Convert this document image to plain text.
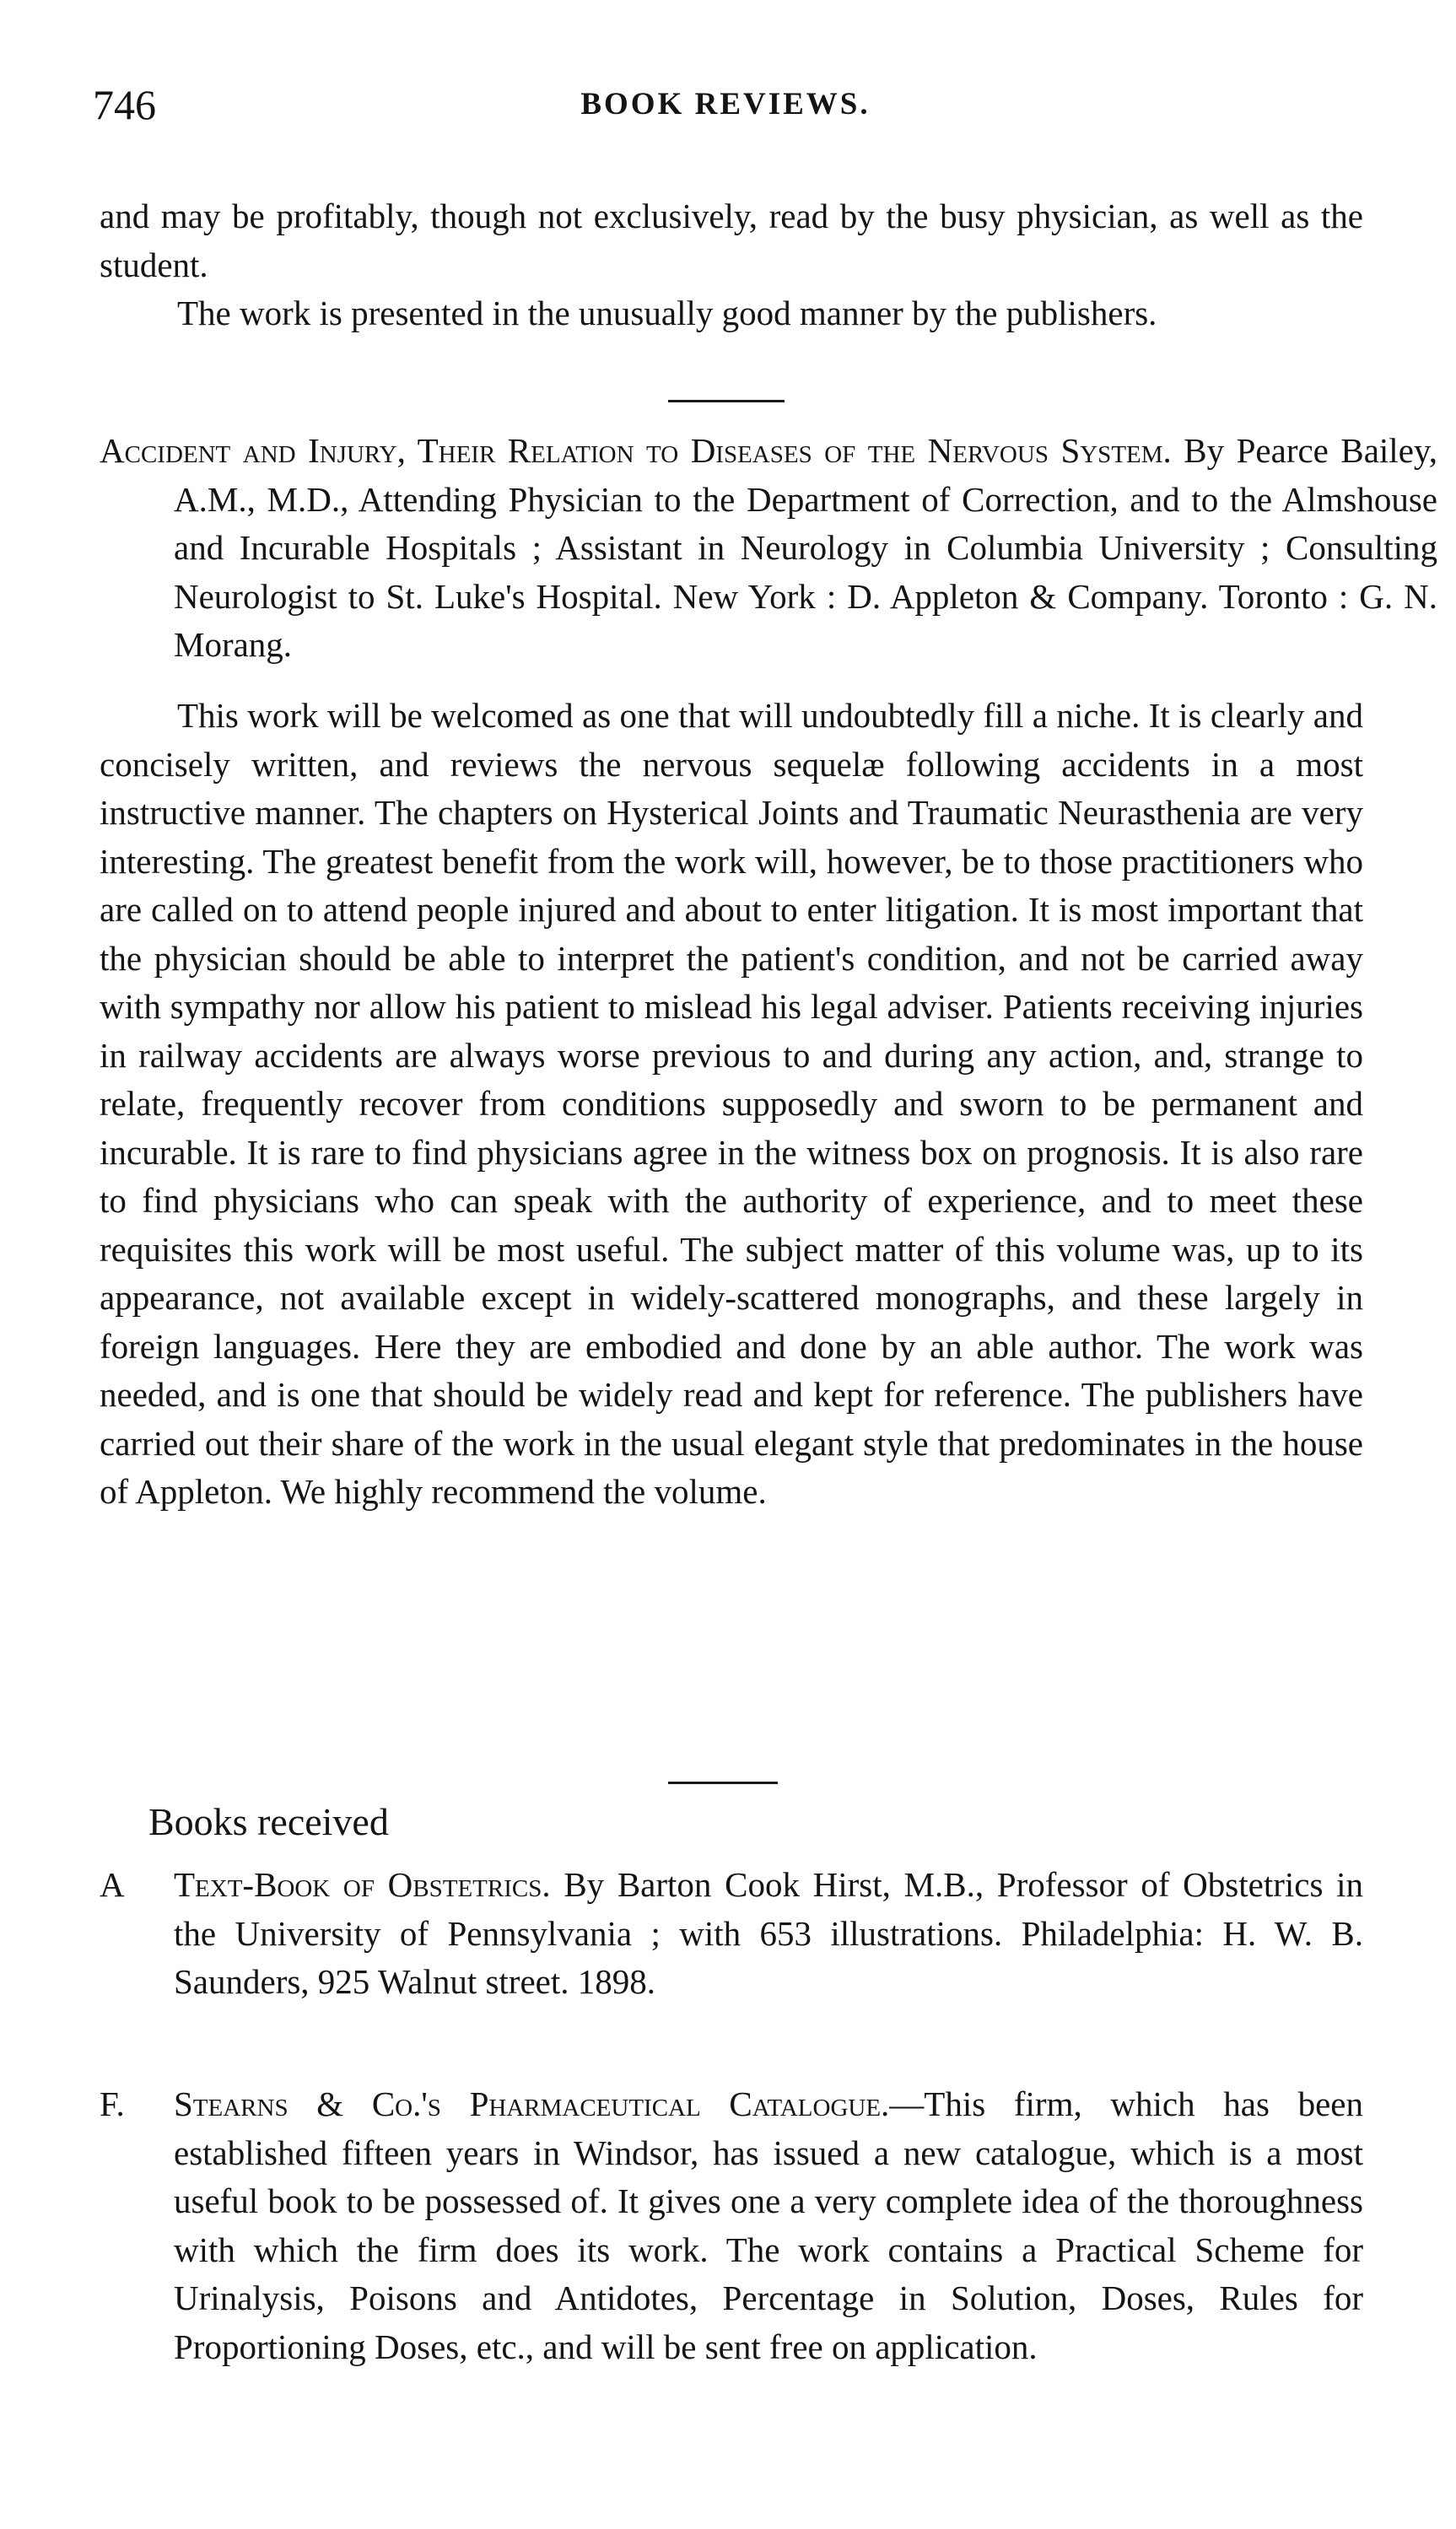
746	BOOK REVIEWS.

and may be profitably, though not exclusively, read by the busy physician, as well as the student.

The work is presented in the unusually good manner by the publishers.

Accident and Injury, Their Relation to Diseases of the Nervous System. By Pearce Bailey, A.M., M.D., Attending Physician to the Department of Correction, and to the Almshouse and Incurable Hospitals ; Assistant in Neurology in Columbia University ; Consulting Neurologist to St. Luke's Hospital. New York : D. Appleton & Company. Toronto : G. N. Morang.

This work will be welcomed as one that will undoubtedly fill a niche. It is clearly and concisely written, and reviews the nervous sequelæ following accidents in a most instructive manner. The chapters on Hysterical Joints and Traumatic Neurasthenia are very interesting. The greatest benefit from the work will, however, be to those practitioners who are called on to attend people injured and about to enter litigation. It is most important that the physician should be able to interpret the patient's condition, and not be carried away with sympathy nor allow his patient to mislead his legal adviser. Patients receiving injuries in railway accidents are always worse previous to and during any action, and, strange to relate, frequently recover from conditions supposedly and sworn to be permanent and incurable. It is rare to find physicians agree in the witness box on prognosis. It is also rare to find physicians who can speak with the authority of experience, and to meet these requisites this work will be most useful. The subject matter of this volume was, up to its appearance, not available except in widely-scattered monographs, and these largely in foreign languages. Here they are embodied and done by an able author. The work was needed, and is one that should be widely read and kept for reference. The publishers have carried out their share of the work in the usual elegant style that predominates in the house of Appleton. We highly recommend the volume.

Books received
A Text-Book of Obstetrics. By Barton Cook Hirst, M.B., Professor of Obstetrics in the University of Pennsylvania ; with 653 illustrations. Philadelphia: H. W. B. Saunders, 925 Walnut street. 1898.
F. Stearns & Co.'s Pharmaceutical Catalogue.—This firm, which has been established fifteen years in Windsor, has issued a new catalogue, which is a most useful book to be possessed of. It gives one a very complete idea of the thoroughness with which the firm does its work. The work contains a Practical Scheme for Urinalysis, Poisons and Antidotes, Percentage in Solution, Doses, Rules for Proportioning Doses, etc., and will be sent free on application.
